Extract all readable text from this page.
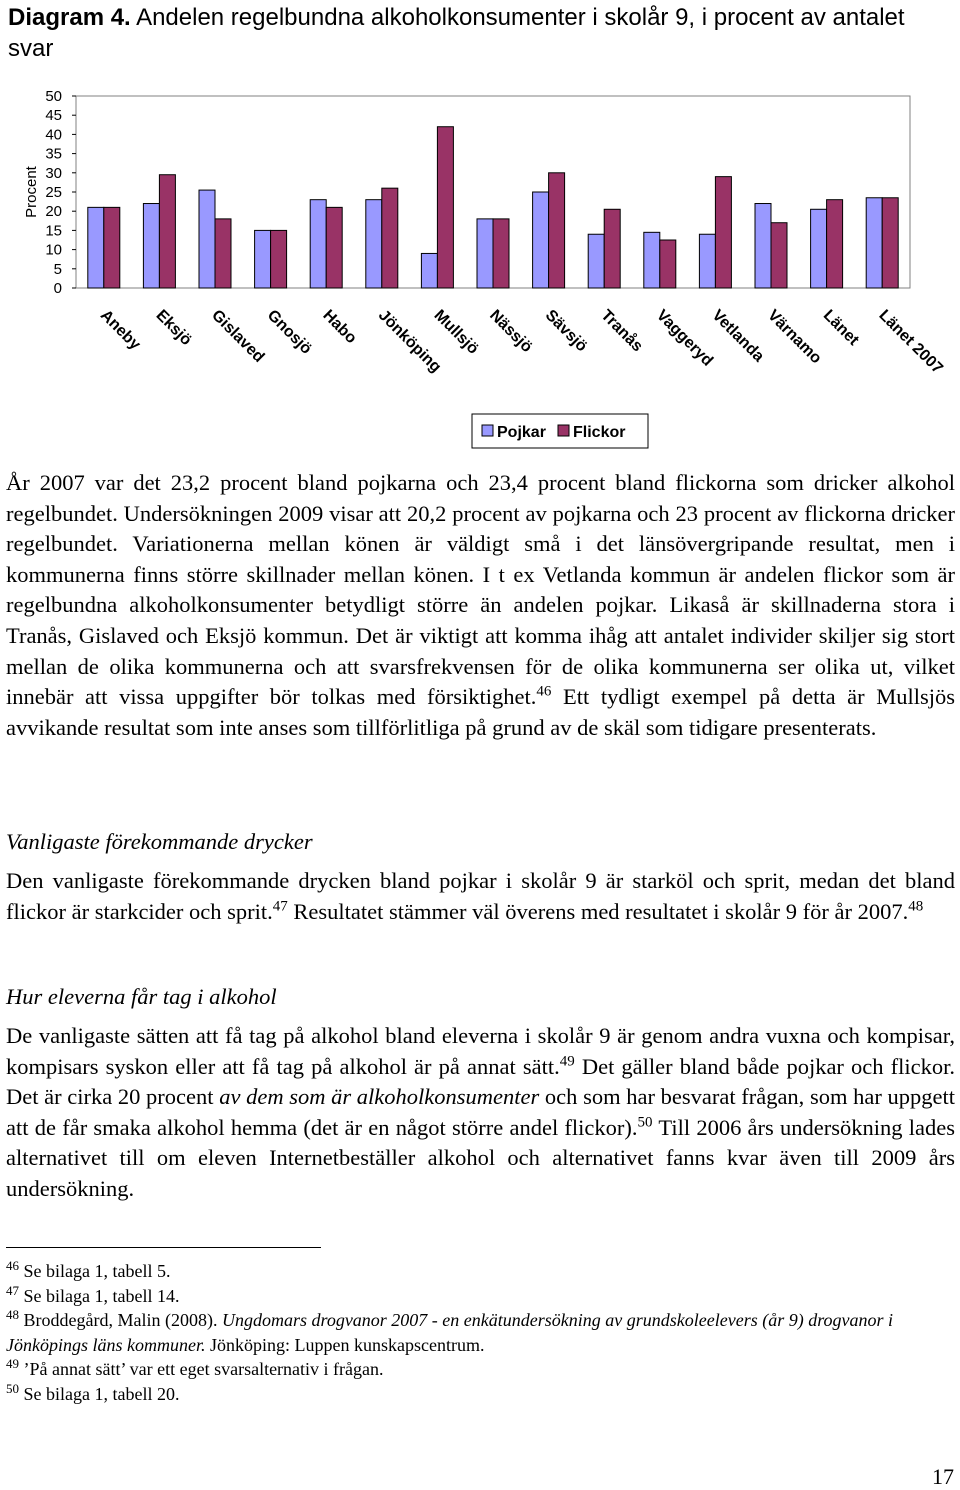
Diagram 4. Andelen regelbundna alkoholkonsumenter i skolår 9, i procent av antalet svar
50
45
40
35
30
25
20
15
10
5
0
Procent
Aneby Eksjö Gislaved
Gnosjö Habo Jönköping
Mullsjö Nässjö Sävsjö Tranås Vaggeryd
Vetlanda
Värnamo
Länet Länet 2007
Pojkar Flickor

År 2007 var det 23,2 procent bland pojkarna och 23,4 procent bland flickorna som dricker alkohol regelbundet. Undersökningen 2009 visar att 20,2 procent av pojkarna och 23 procent av flickorna dricker regelbundet. Variationerna mellan könen är väldigt små i det länsövergripande resultat, men i kommunerna finns större skillnader mellan könen. I t ex Vetlanda kommun är andelen flickor som är regelbundna alkoholkonsumenter betydligt större än andelen pojkar. Likaså är skillnaderna stora i Tranås, Gislaved och Eksjö kommun. Det är viktigt att komma ihåg att antalet individer skiljer sig stort mellan de olika kommunerna och att svarsfrekvensen för de olika kommunerna ser olika ut, vilket innebär att vissa uppgifter bör tolkas med försiktighet.$^{46}$ Ett tydligt exempel på detta är Mullsjös avvikande resultat som inte anses som tillförlitliga på grund av de skäl som tidigare presenterats.

Vanligaste förekommande drycker

Den vanligaste förekommande drycken bland pojkar i skolår 9 är starköl och sprit, medan det bland flickor är starkcider och sprit.$^{47}$ Resultatet stämmer väl överens med resultatet i skolår 9 för år 2007.48

Hur eleverna får tag i alkohol

De vanligaste sätten att få tag på alkohol bland eleverna i skolår 9 är genom andra vuxna och kompisar, kompisars syskon eller att få tag på alkohol är på annat sätt.$^{49}$ Det gäller bland både pojkar och flickor. Det är cirka 20 procent av dem som är alkoholkonsumenter och som har besvarat frågan, som har uppgett att de får smaka alkohol hemma (det är en något större andel flickor).$^{50}$ Till 2006 års undersökning lades alternativet till om eleven Internetbeställer alkohol och alternativet fanns kvar även till 2009 års undersökning.

$^{46}$ Se bilaga 1, tabell 5.
$^{47}$ Se bilaga 1, tabell 14.
$^{48}$ Broddegård, Malin (2008). Ungdomars drogvanor 2007 - en enkätundersökning av grundskoleelevers (år 9) drogvanor i Jönköpings läns kommuner. Jönköping: Luppen kunskapscentrum.
$^{49}$ ’På annat sätt’ var ett eget svarsalternativ i frågan.
$^{50}$ Se bilaga 1, tabell 20.
17
